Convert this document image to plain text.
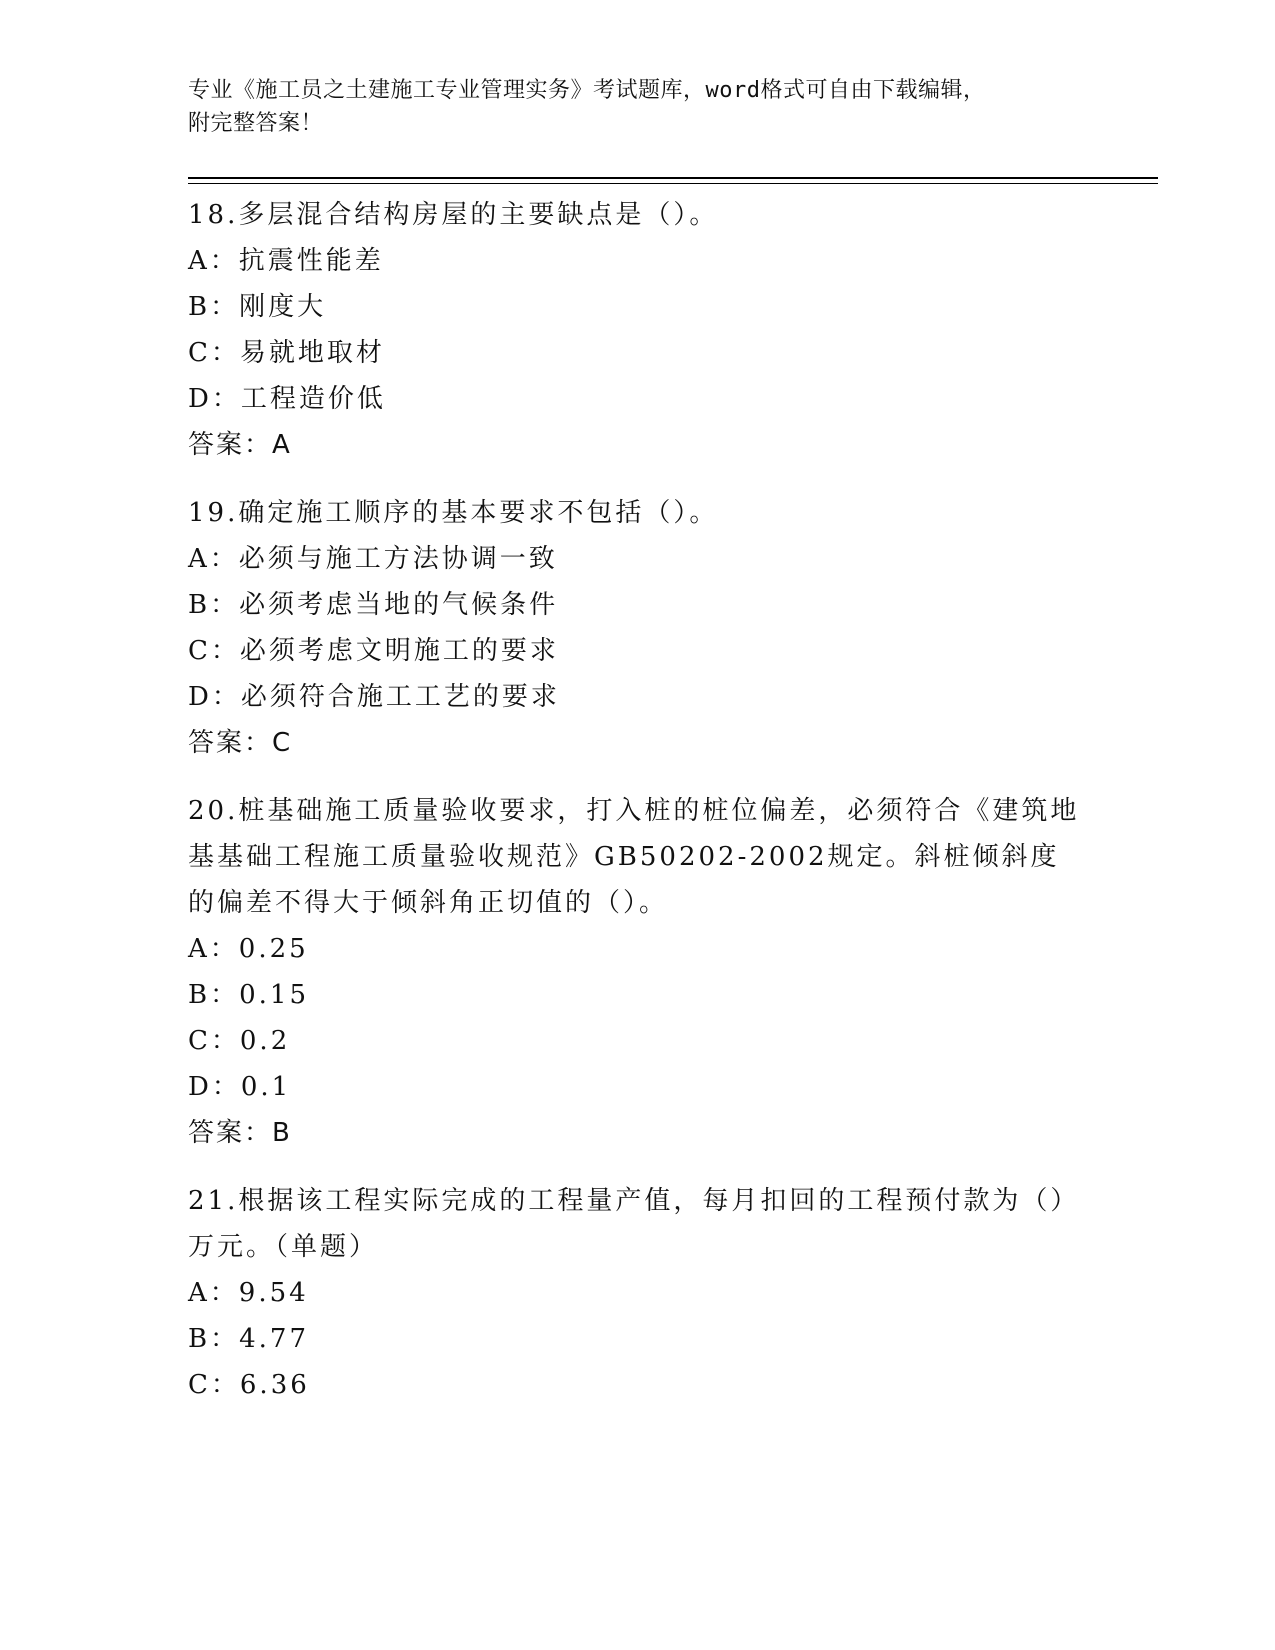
专业《施工员之土建施工专业管理实务》考试题库，word格式可自由下载编辑，
附完整答案！
18.多层混合结构房屋的主要缺点是（）。
A：抗震性能差
B：刚度大
C：易就地取材
D：工程造价低
答案：A
19.确定施工顺序的基本要求不包括（）。
A：必须与施工方法协调一致
B：必须考虑当地的气候条件
C：必须考虑文明施工的要求
D：必须符合施工工艺的要求
答案：C
20.桩基础施工质量验收要求，打入桩的桩位偏差，必须符合《建筑地基基础工程施工质量验收规范》GB50202-2002规定。斜桩倾斜度的偏差不得大于倾斜角正切值的（）。
A：0.25
B：0.15
C：0.2
D：0.1
答案：B
21.根据该工程实际完成的工程量产值，每月扣回的工程预付款为（）万元。（单题）
A：9.54
B：4.77
C：6.36
